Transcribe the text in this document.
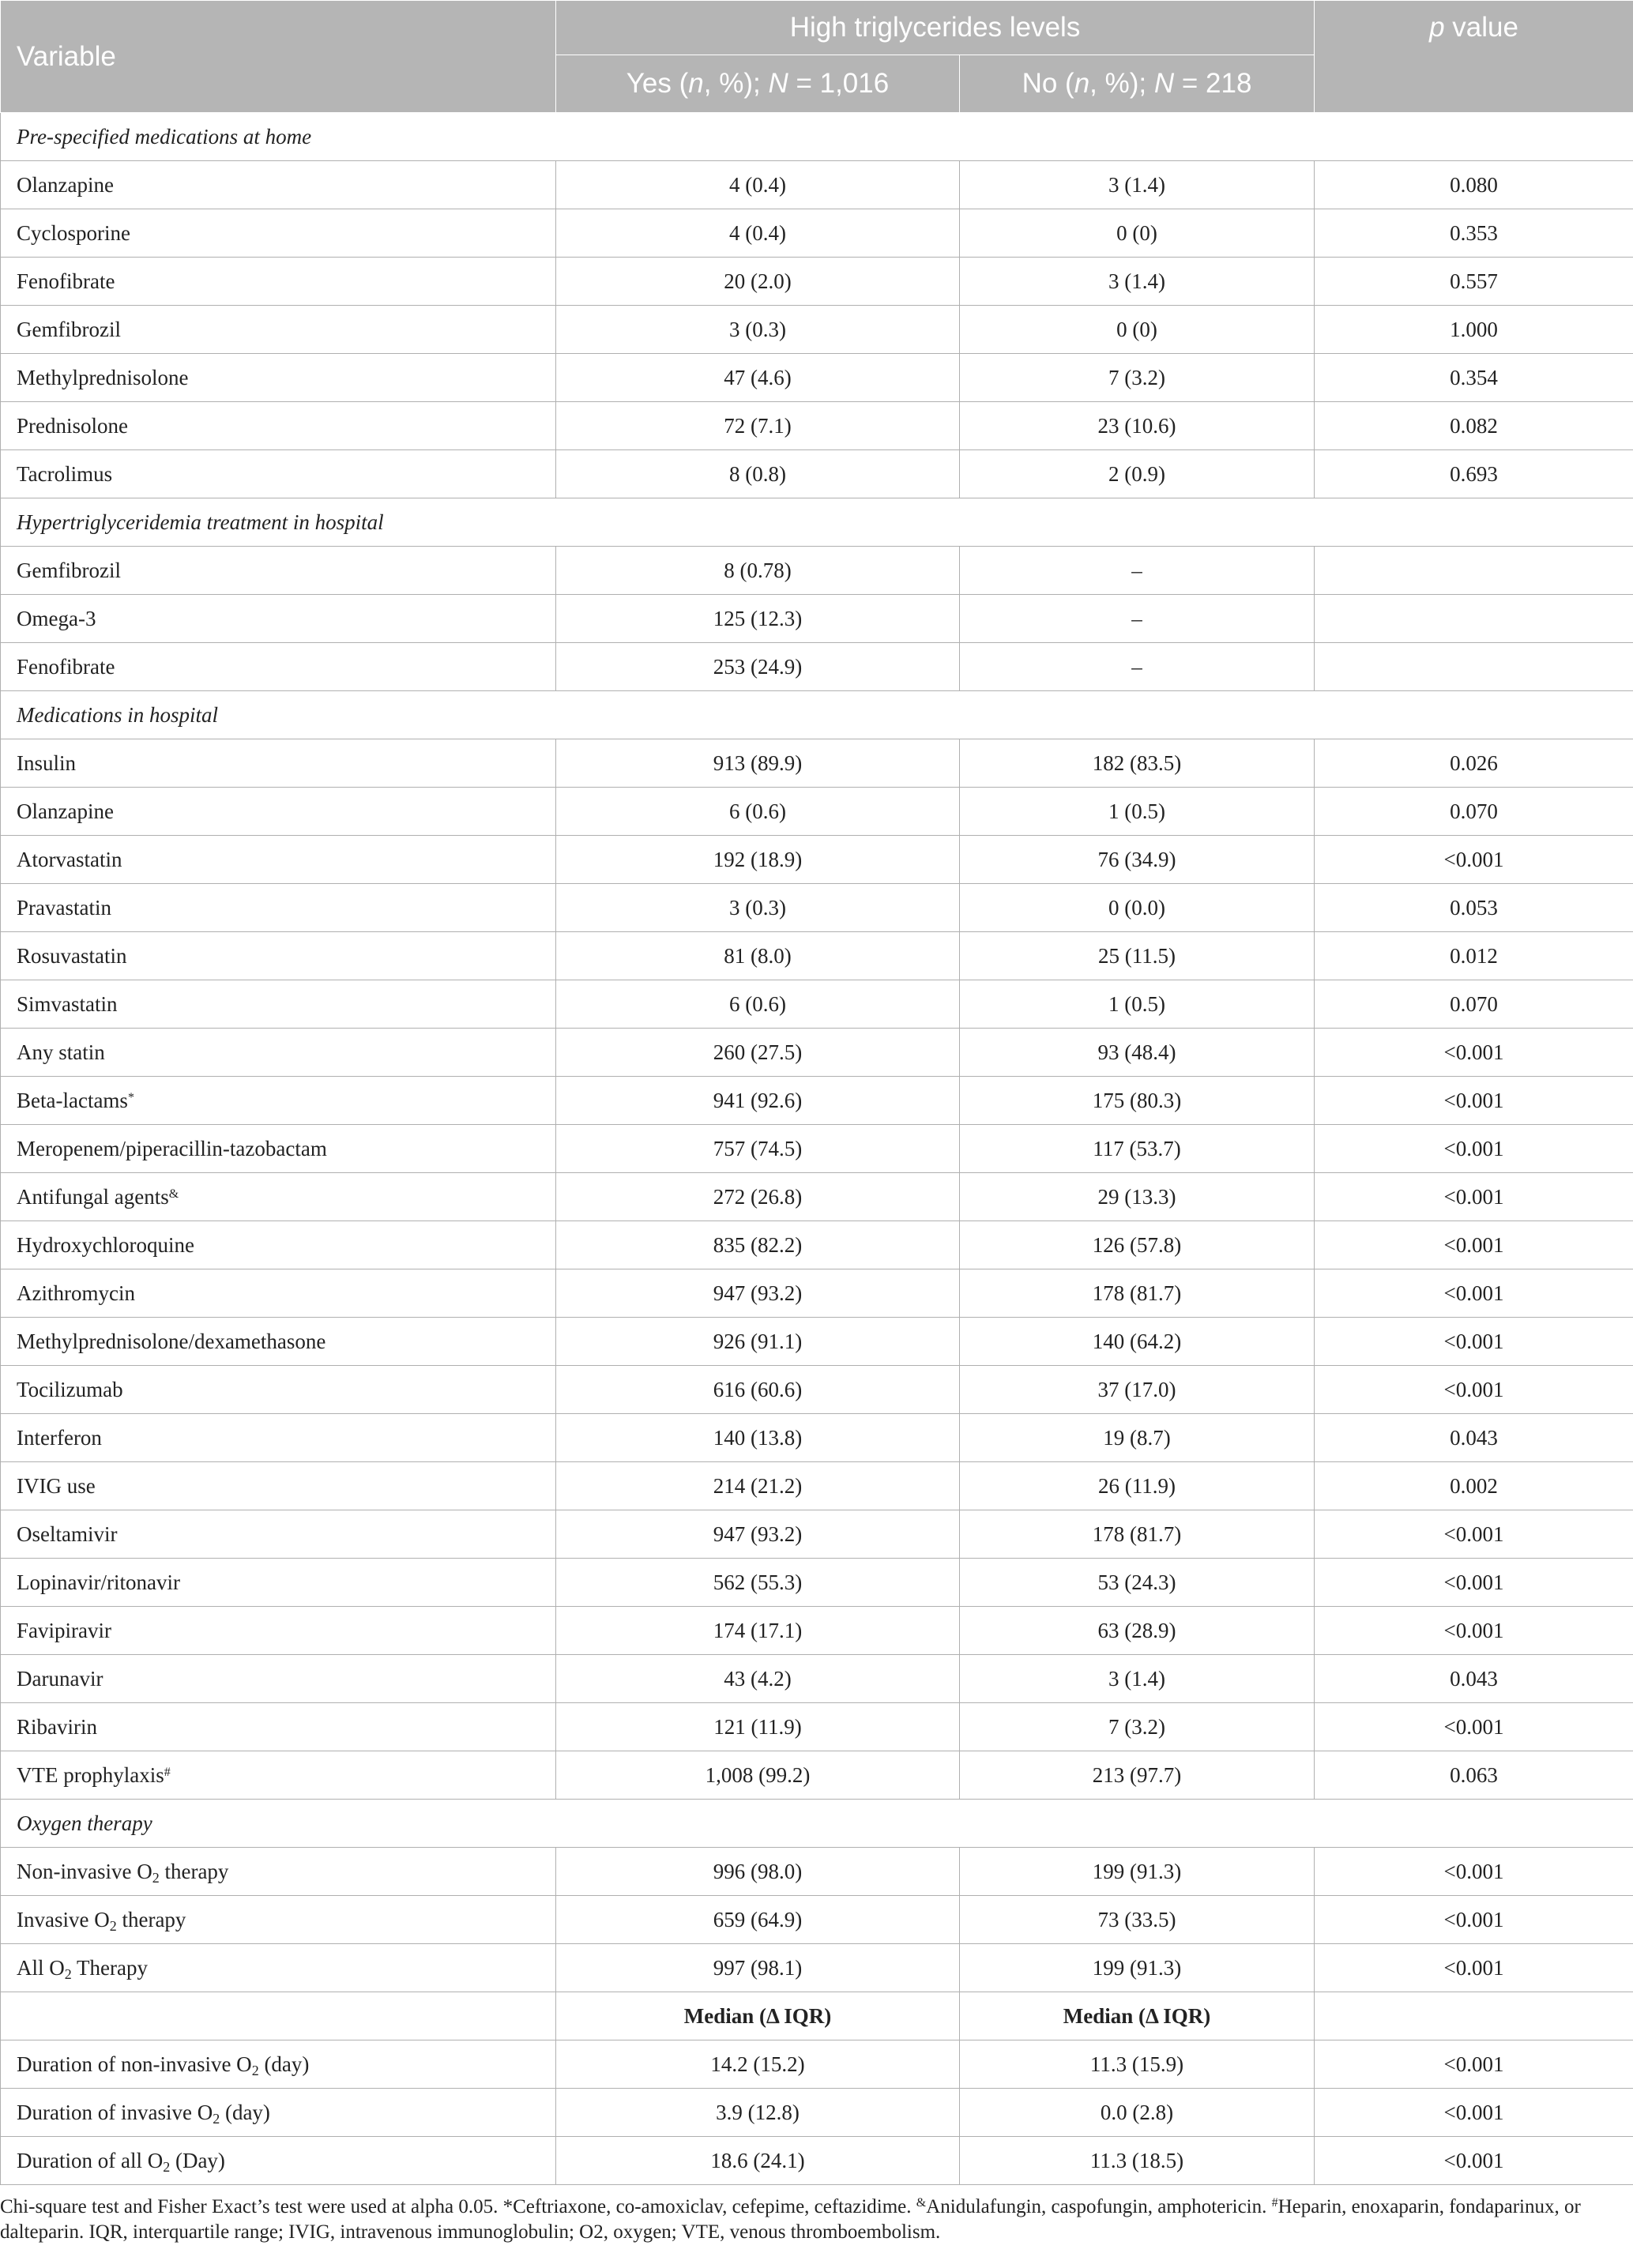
Variable	High triglycerides levels		p value
	Yes (n, %); N = 1,016	No (n, %); N = 218	
Pre-specified medications at home			
Olanzapine	4 (0.4)	3 (1.4)	0.080
Cyclosporine	4 (0.4)	0 (0)	0.353
Fenofibrate	20 (2.0)	3 (1.4)	0.557
Gemfibrozil	3 (0.3)	0 (0)	1.000
Methylprednisolone	47 (4.6)	7 (3.2)	0.354
Prednisolone	72 (7.1)	23 (10.6)	0.082
Tacrolimus	8 (0.8)	2 (0.9)	0.693
Hypertriglyceridemia treatment in hospital			
Gemfibrozil	8 (0.78)	–	
Omega-3	125 (12.3)	–	
Fenofibrate	253 (24.9)	–	
Medications in hospital			
Insulin	913 (89.9)	182 (83.5)	0.026
Olanzapine	6 (0.6)	1 (0.5)	0.070
Atorvastatin	192 (18.9)	76 (34.9)	<0.001
Pravastatin	3 (0.3)	0 (0.0)	0.053
Rosuvastatin	81 (8.0)	25 (11.5)	0.012
Simvastatin	6 (0.6)	1 (0.5)	0.070
Any statin	260 (27.5)	93 (48.4)	<0.001
Beta-lactams*	941 (92.6)	175 (80.3)	<0.001
Meropenem/piperacillin-tazobactam	757 (74.5)	117 (53.7)	<0.001
Antifungal agents&	272 (26.8)	29 (13.3)	<0.001
Hydroxychloroquine	835 (82.2)	126 (57.8)	<0.001
Azithromycin	947 (93.2)	178 (81.7)	<0.001
Methylprednisolone/dexamethasone	926 (91.1)	140 (64.2)	<0.001
Tocilizumab	616 (60.6)	37 (17.0)	<0.001
Interferon	140 (13.8)	19 (8.7)	0.043
IVIG use	214 (21.2)	26 (11.9)	0.002
Oseltamivir	947 (93.2)	178 (81.7)	<0.001
Lopinavir/ritonavir	562 (55.3)	53 (24.3)	<0.001
Favipiravir	174 (17.1)	63 (28.9)	<0.001
Darunavir	43 (4.2)	3 (1.4)	0.043
Ribavirin	121 (11.9)	7 (3.2)	<0.001
VTE prophylaxis#	1,008 (99.2)	213 (97.7)	0.063
Oxygen therapy			
Non-invasive $O_2$ therapy	996 (98.0)	199 (91.3)	<0.001
Invasive $O_2$ therapy	659 (64.9)	73 (33.5)	<0.001
All $O_2$ Therapy	997 (98.1)	199 (91.3)	<0.001
	Median (Δ IQR)	Median (Δ IQR)	
Duration of non-invasive $O_2$ (day)	14.2 (15.2)	11.3 (15.9)	<0.001
Duration of invasive $O_2$ (day)	3.9 (12.8)	0.0 (2.8)	<0.001
Duration of all $O_2$ (Day)	18.6 (24.1)	11.3 (18.5)	<0.001
Chi-square test and Fisher Exact’s test were used at alpha 0.05. *Ceftriaxone, co-amoxiclav, cefepime, ceftazidime. &Anidulafungin, caspofungin, amphotericin. #Heparin, enoxaparin, fondaparinux, or dalteparin. IQR, interquartile range; IVIG, intravenous immunoglobulin; O2, oxygen; VTE, venous thromboembolism.
